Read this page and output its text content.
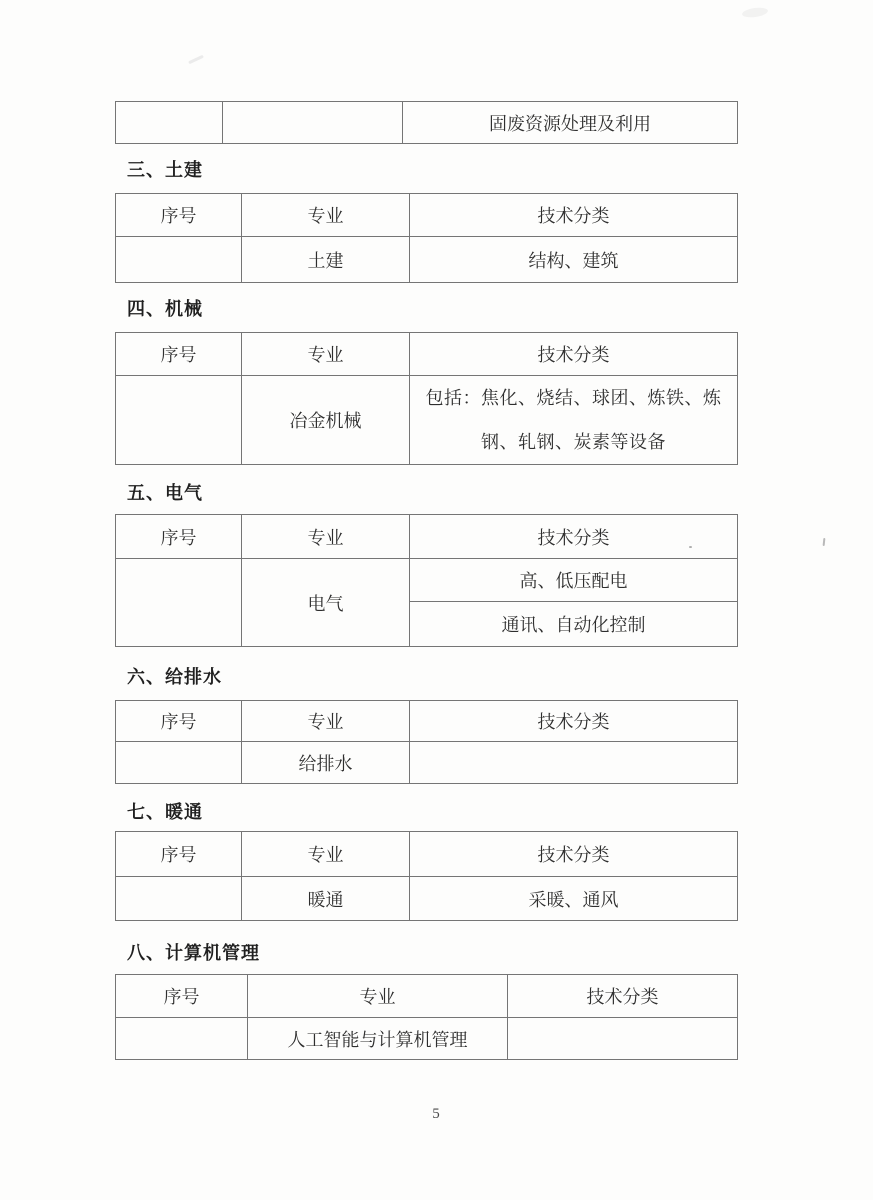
		固废资源处理及利用
三、土建
序号	专业	技术分类
	土建	结构、建筑
四、机械
序号	专业	技术分类
	冶金机械	包括：焦化、烧结、球团、炼铁、炼钢、轧钢、炭素等设备
五、电气
序号	专业	技术分类
	电气	高、低压配电
		通讯、自动化控制
六、给排水
序号	专业	技术分类
	给排水	
七、暖通
序号	专业	技术分类
	暖通	采暖、通风
八、计算机管理
序号	专业	技术分类
	人工智能与计算机管理	
5
